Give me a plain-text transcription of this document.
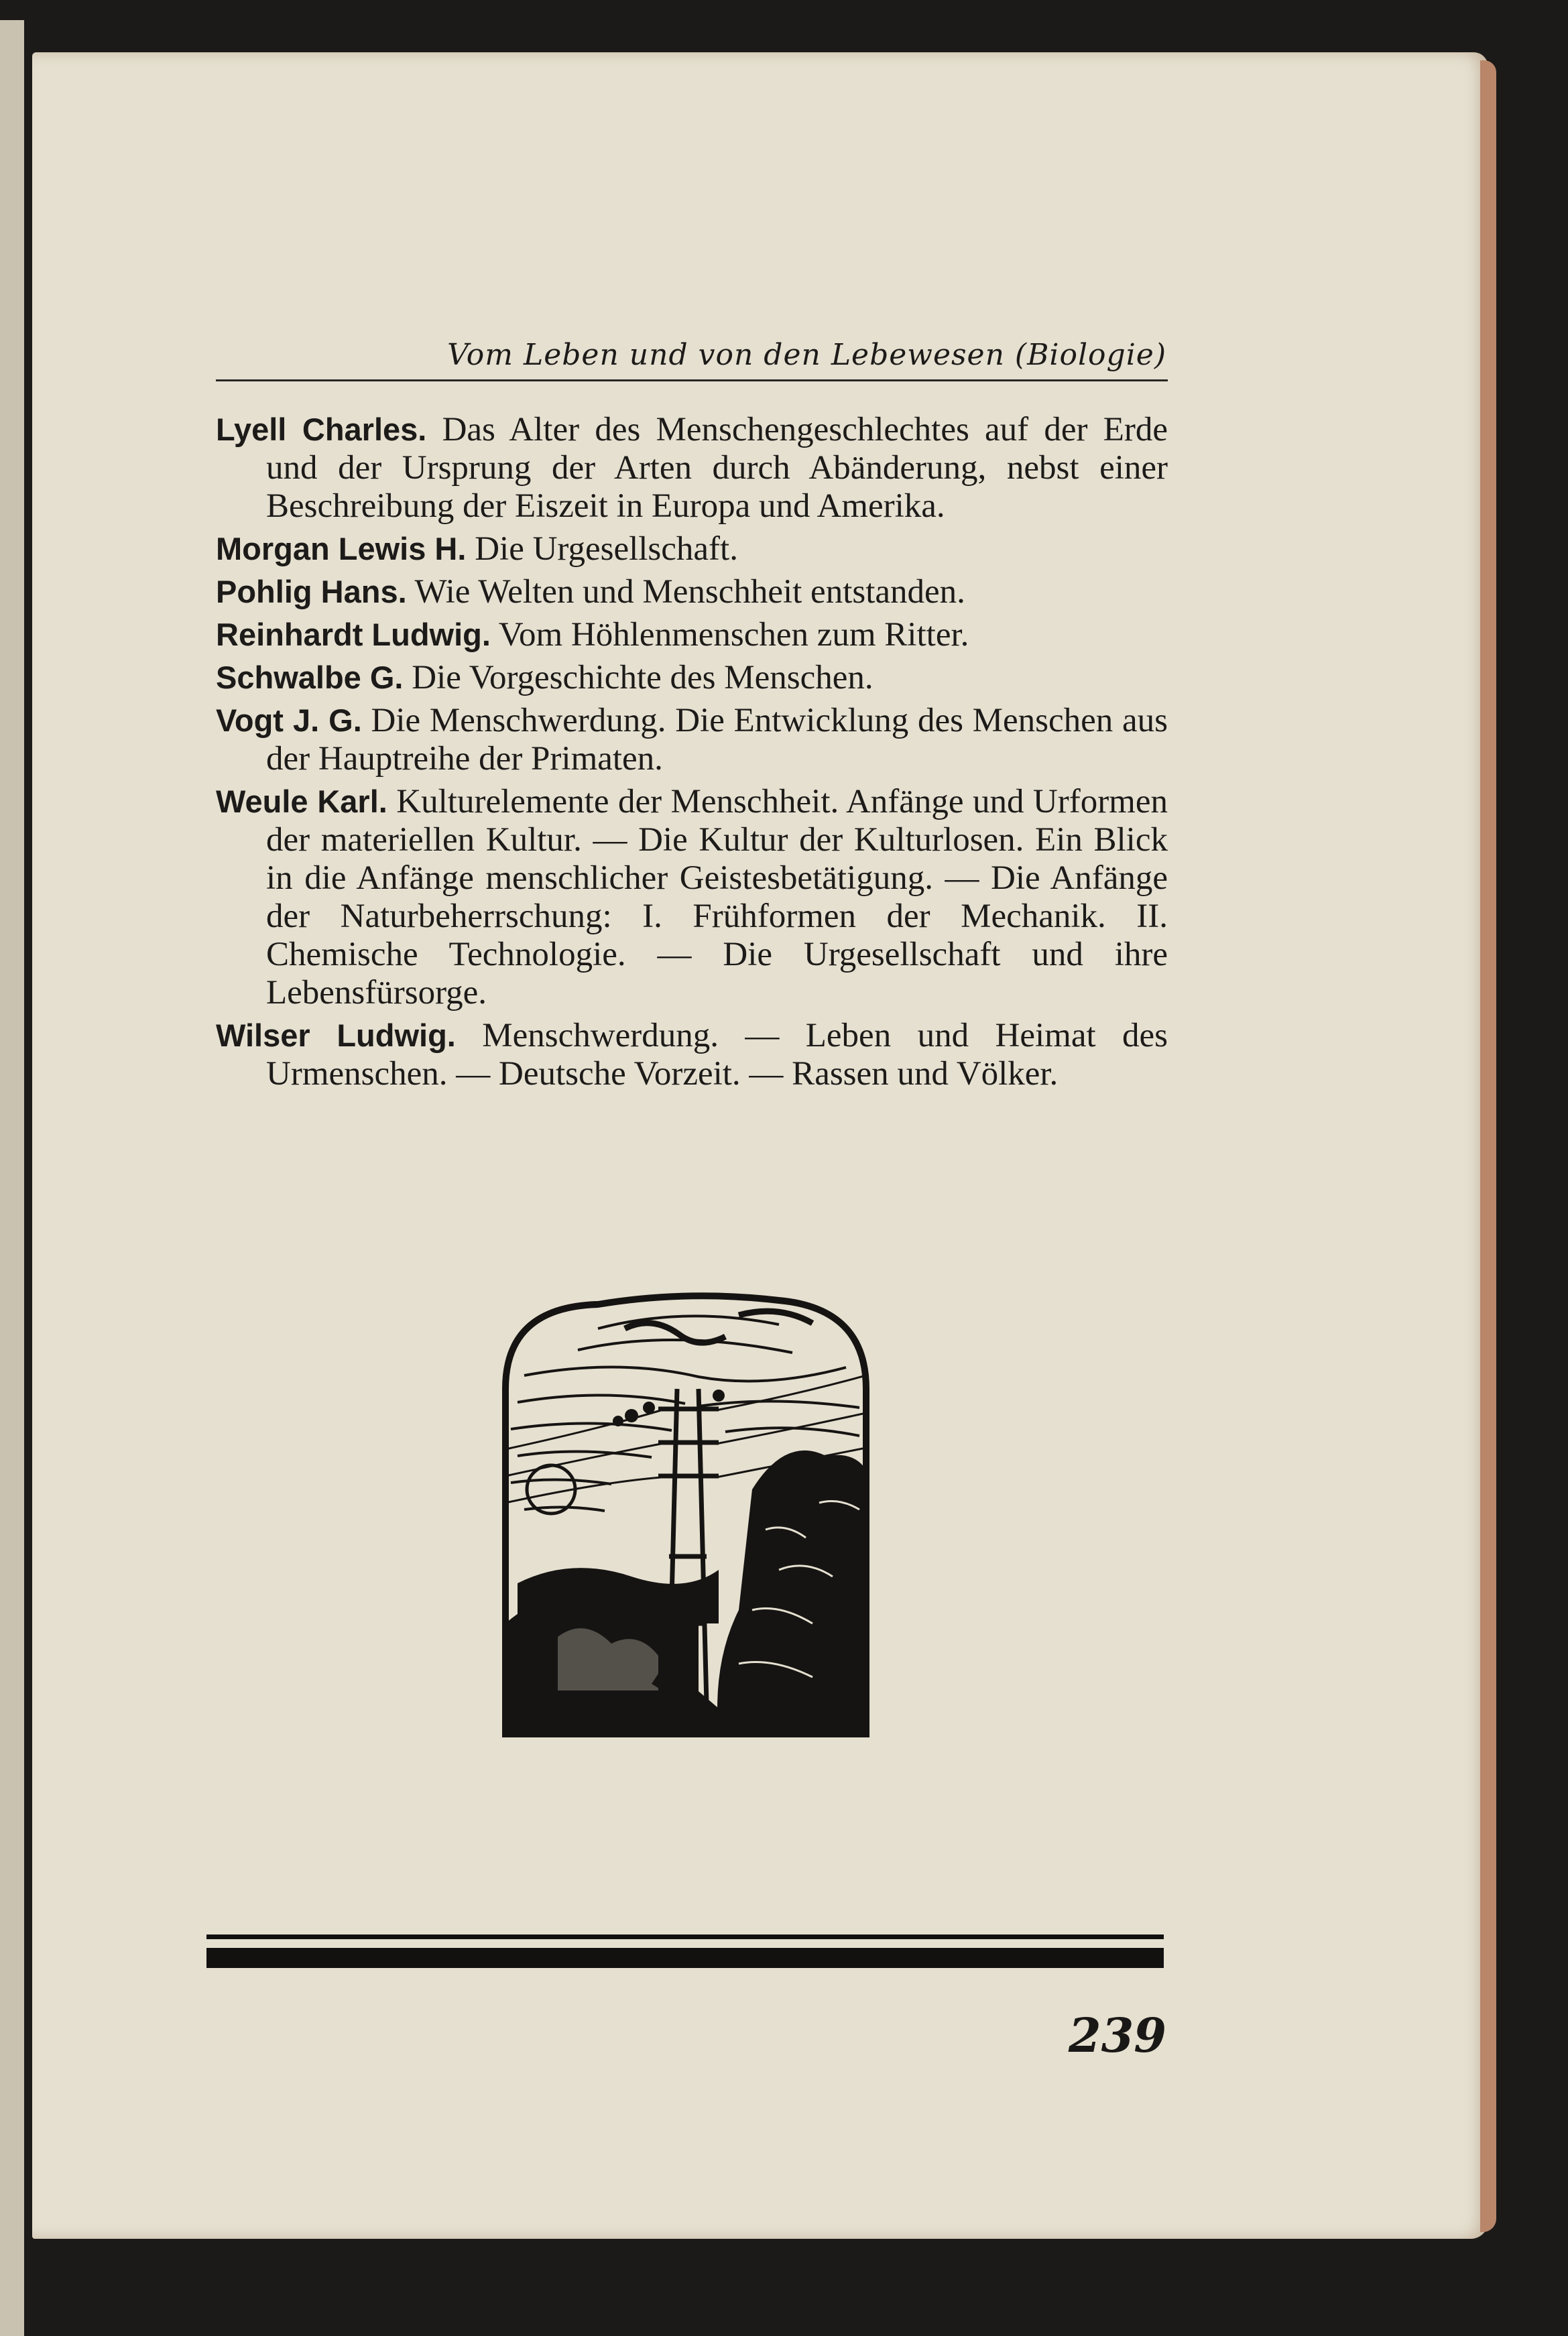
Vom Leben und von den Lebewesen (Biologie)
Lyell Charles. Das Alter des Menschengeschlechtes auf der Erde und der Ursprung der Arten durch Abänderung, nebst einer Beschreibung der Eiszeit in Europa und Amerika.
Morgan Lewis H. Die Urgesellschaft.
Pohlig Hans. Wie Welten und Menschheit entstanden.
Reinhardt Ludwig. Vom Höhlenmenschen zum Ritter.
Schwalbe G. Die Vorgeschichte des Menschen.
Vogt J. G. Die Menschwerdung. Die Entwicklung des Menschen aus der Hauptreihe der Primaten.
Weule Karl. Kulturelemente der Menschheit. Anfänge und Urformen der materiellen Kultur. — Die Kultur der Kulturlosen. Ein Blick in die Anfänge menschlicher Geistesbetätigung. — Die Anfänge der Naturbeherrschung: I. Frühformen der Mechanik. II. Chemische Technologie. — Die Urgesellschaft und ihre Lebensfürsorge.
Wilser Ludwig. Menschwerdung. — Leben und Heimat des Urmenschen. — Deutsche Vorzeit. — Rassen und Völker.
239
